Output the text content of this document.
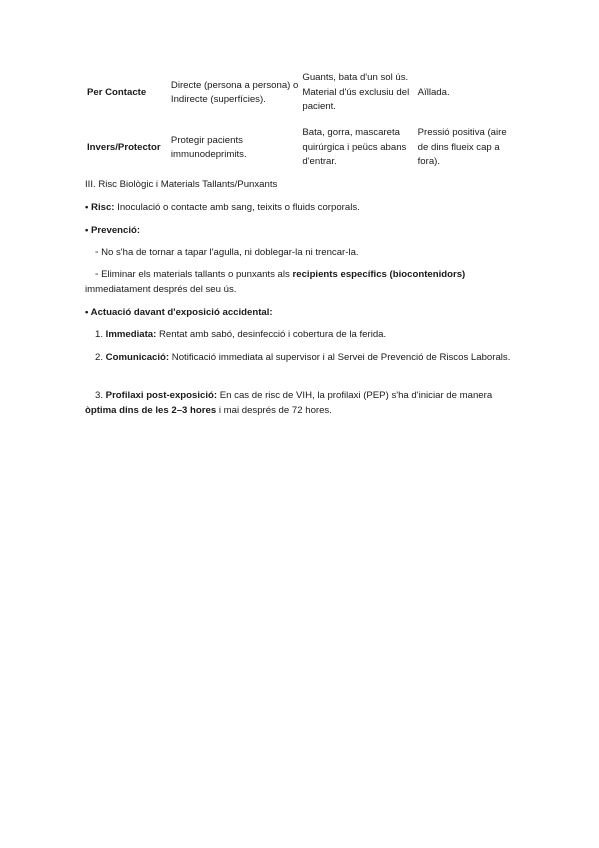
Per Contacte	Directe (persona a persona) o Indirecte (superfícies).	Guants, bata d'un sol ús. Material d'ús exclusiu del pacient.	Aïllada.
Invers/Protector	Protegir pacients immunodeprimits.	Bata, gorra, mascareta quirúrgica i peücs abans d'entrar.	Pressió positiva (aire de dins flueix cap a fora).
III. Risc Biològic i Materials Tallants/Punxants
• Risc: Inoculació o contacte amb sang, teixits o fluids corporals.
• Prevenció:
◦ No s'ha de tornar a tapar l'agulla, ni doblegar-la ni trencar-la.
◦ Eliminar els materials tallants o punxants als recipients específics (biocontenidors) immediatament després del seu ús.
• Actuació davant d'exposició accidental:
1. Immediata: Rentat amb sabó, desinfecció i cobertura de la ferida.
2. Comunicació: Notificació immediata al supervisor i al Servei de Prevenció de Riscos Laborals.
3. Profilaxi post-exposició: En cas de risc de VIH, la profilaxi (PEP) s'ha d'iniciar de manera òptima dins de les 2–3 hores i mai després de 72 hores.
